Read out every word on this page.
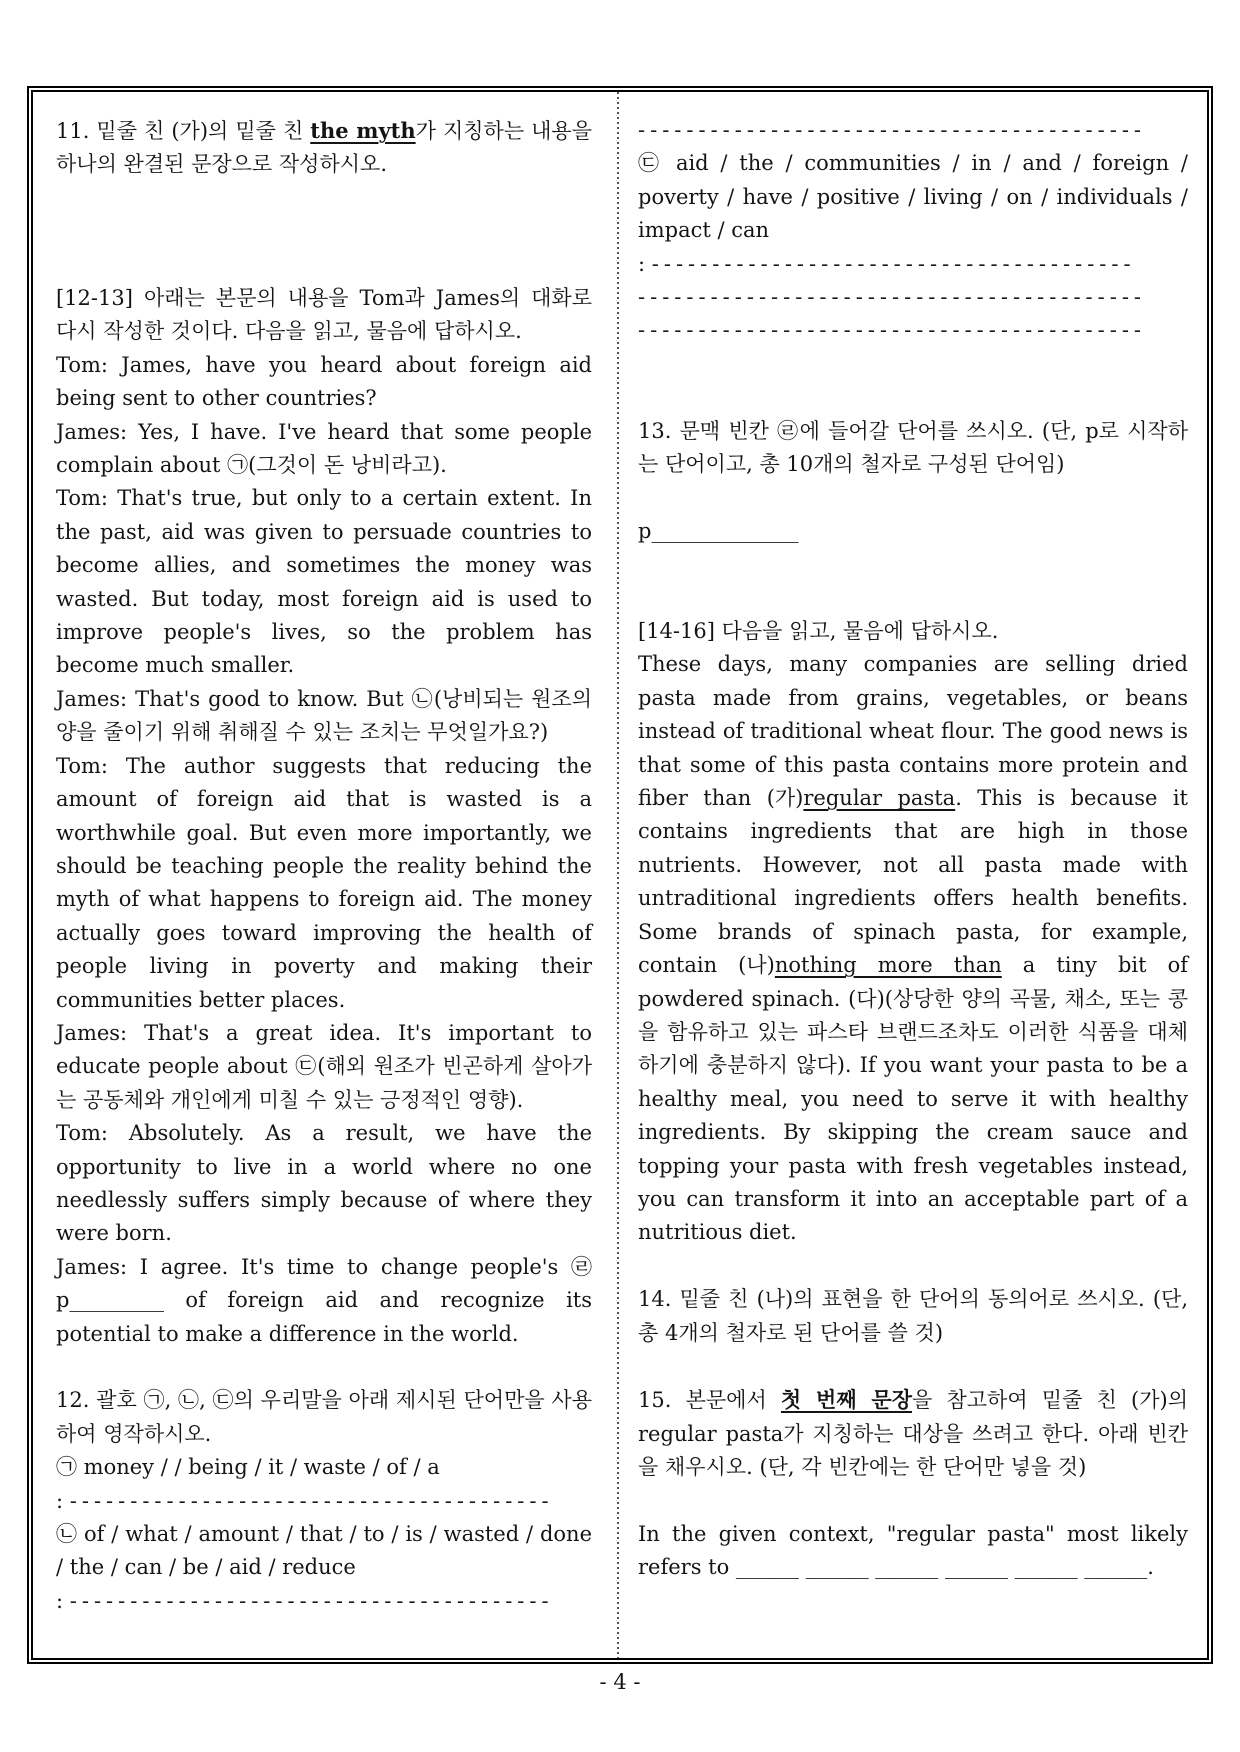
11. 밑줄 친 (가)의 밑줄 친 the myth가 지칭하는 내용을 하나의 완결된 문장으로 작성하시오.

[12-13] 아래는 본문의 내용을 Tom과 James의 대화로 다시 작성한 것이다. 다음을 읽고, 물음에 답하시오.

Tom: James, have you heard about foreign aid being sent to other countries?

James: Yes, I have. I've heard that some people complain about ㉠(그것이 돈 낭비라고).

Tom: That's true, but only to a certain extent. In the past, aid was given to persuade countries to become allies, and sometimes the money was wasted. But today, most foreign aid is used to improve people's lives, so the problem has become much smaller.

James: That's good to know. But ㉡(낭비되는 원조의 양을 줄이기 위해 취해질 수 있는 조치는 무엇일가요?)

Tom: The author suggests that reducing the amount of foreign aid that is wasted is a worthwhile goal. But even more importantly, we should be teaching people the reality behind the myth of what happens to foreign aid. The money actually goes toward improving the health of people living in poverty and making their communities better places.

James: That's a great idea. It's important to educate people about ㉢(해외 원조가 빈곤하게 살아가는 공동체와 개인에게 미칠 수 있는 긍정적인 영향).

Tom: Absolutely. As a result, we have the opportunity to live in a world where no one needlessly suffers simply because of where they were born.

James: I agree. It's time to change people's ㉣ p_________ of foreign aid and recognize its potential to make a difference in the world.

12. 괄호 ㉠, ㉡, ㉢의 우리말을 아래 제시된 단어만을 사용하여 영작하시오.

㉠ money / / being / it / waste / of / a
: ----------------------------------------

㉡ of / what / amount / that / to / is / wasted / done / the / can / be / aid / reduce

: ----------------------------------------
------------------------------------------

㉢ aid / the / communities / in / and / foreign / poverty / have / positive / living / on / individuals / impact / can

: ----------------------------------------
------------------------------------------
------------------------------------------

13. 문맥 빈칸 ㉣에 들어갈 단어를 쓰시오. (단, p로 시작하는 단어이고, 총 10개의 철자로 구성된 단어임)

p______________

[14-16] 다음을 읽고, 물음에 답하시오.

These days, many companies are selling dried pasta made from grains, vegetables, or beans instead of traditional wheat flour. The good news is that some of this pasta contains more protein and fiber than (가)regular pasta. This is because it contains ingredients that are high in those nutrients. However, not all pasta made with untraditional ingredients offers health benefits. Some brands of spinach pasta, for example, contain (나)nothing more than a tiny bit of powdered spinach. (다)(상당한 양의 곡물, 채소, 또는 콩을 함유하고 있는 파스타 브랜드조차도 이러한 식품을 대체하기에 충분하지 않다). If you want your pasta to be a healthy meal, you need to serve it with healthy ingredients. By skipping the cream sauce and topping your pasta with fresh vegetables instead, you can transform it into an acceptable part of a nutritious diet.

14. 밑줄 친 (나)의 표현을 한 단어의 동의어로 쓰시오. (단, 총 4개의 철자로 된 단어를 쓸 것)

15. 본문에서 첫 번째 문장을 참고하여 밑줄 친 (가)의 regular pasta가 지칭하는 대상을 쓰려고 한다. 아래 빈칸을 채우시오. (단, 각 빈칸에는 한 단어만 넣을 것)

In the given context, "regular pasta" most likely refers to ______ ______ ______ ______ ______ ______.

- 4 -
